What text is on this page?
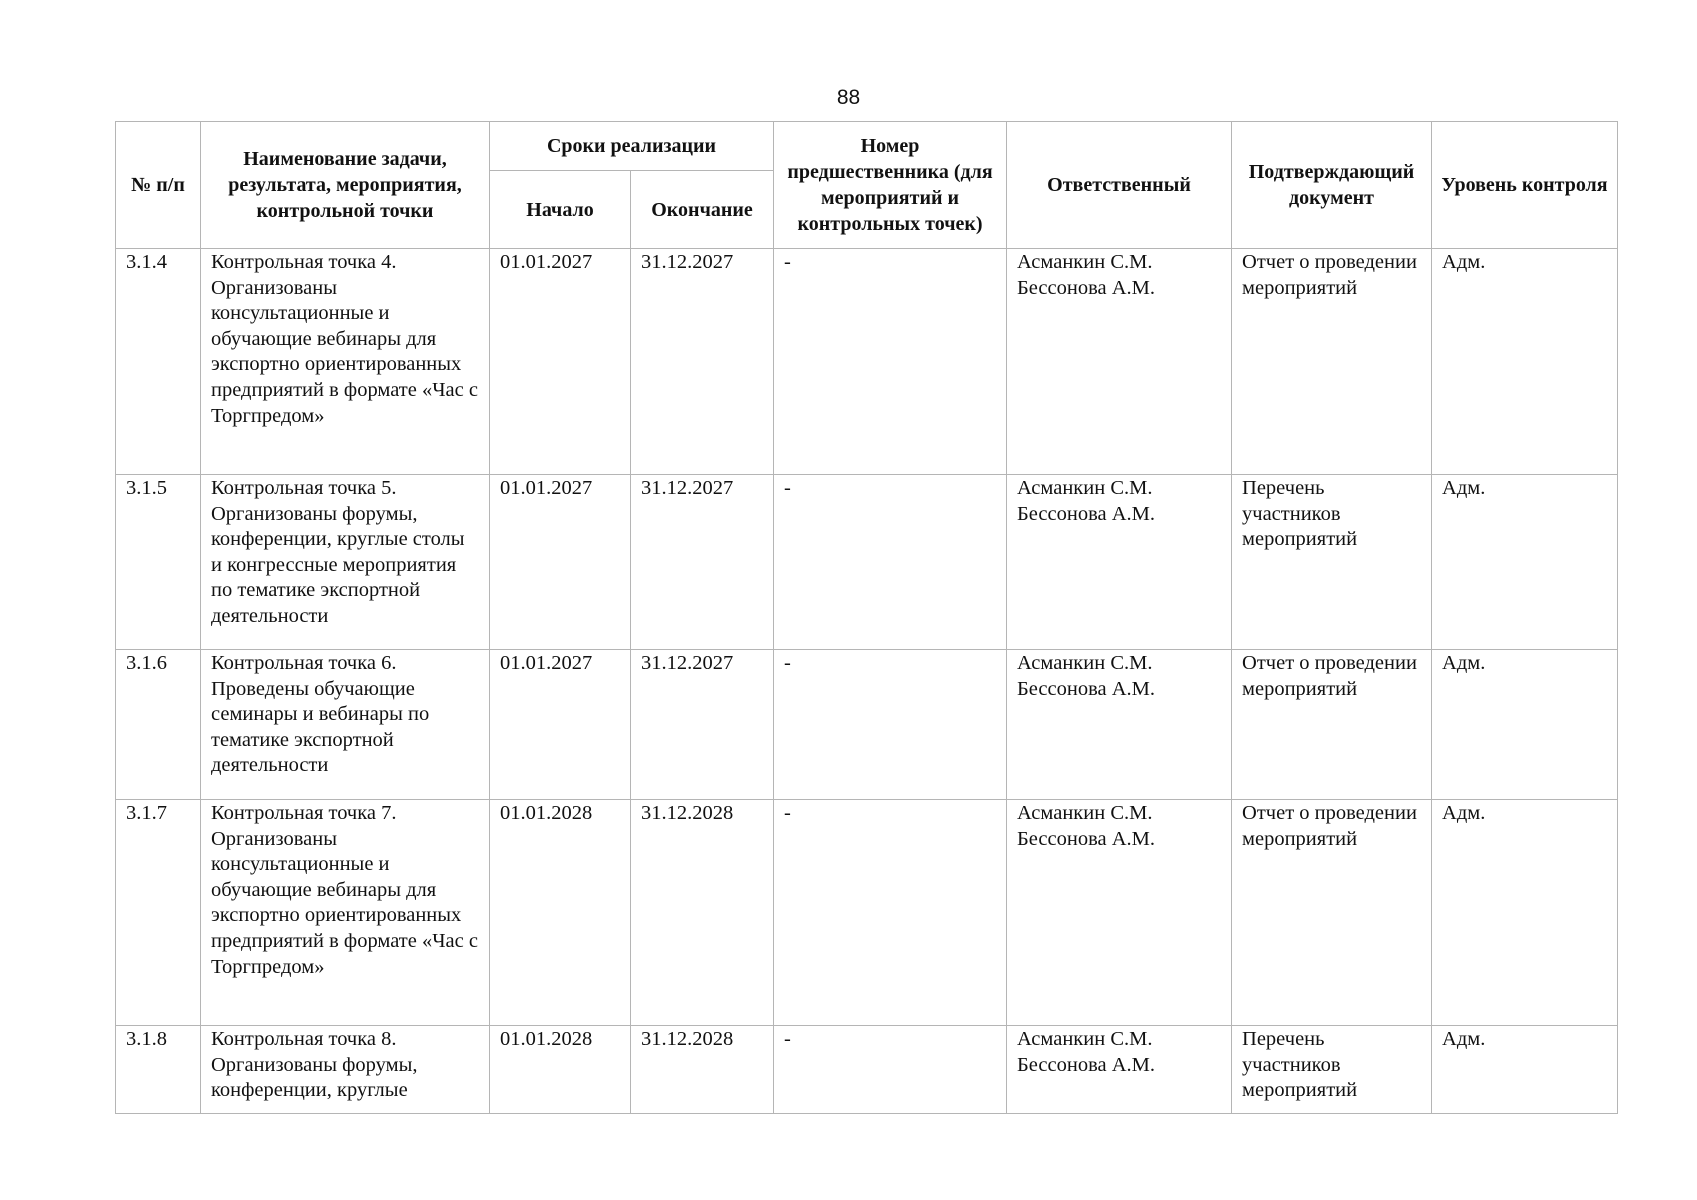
88
№ п/п	Наименование задачи, результата, мероприятия, контрольной точки	Сроки реализации		Номер предшественника (для мероприятий и контрольных точек)	Ответственный	Подтверждающий документ	Уровень контроля
		Начало	Окончание				
3.1.4	Контрольная точка 4. Организованы консультационные и обучающие вебинары для экспортно ориентированных предприятий в формате «Час с Торгпредом»	01.01.2027	31.12.2027	-	Асманкин С.М. Бессонова А.М.	Отчет о проведении мероприятий	Адм.
3.1.5	Контрольная точка 5. Организованы форумы, конференции, круглые столы и конгрессные мероприятия по тематике экспортной деятельности	01.01.2027	31.12.2027	-	Асманкин С.М. Бессонова А.М.	Перечень участников мероприятий	Адм.
3.1.6	Контрольная точка 6. Проведены обучающие семинары и вебинары по тематике экспортной деятельности	01.01.2027	31.12.2027	-	Асманкин С.М. Бессонова А.М.	Отчет о проведении мероприятий	Адм.
3.1.7	Контрольная точка 7. Организованы консультационные и обучающие вебинары для экспортно ориентированных предприятий в формате «Час с Торгпредом»	01.01.2028	31.12.2028	-	Асманкин С.М. Бессонова А.М.	Отчет о проведении мероприятий	Адм.
3.1.8	Контрольная точка 8. Организованы форумы, конференции, круглые	01.01.2028	31.12.2028	-	Асманкин С.М. Бессонова А.М.	Перечень участников мероприятий	Адм.
